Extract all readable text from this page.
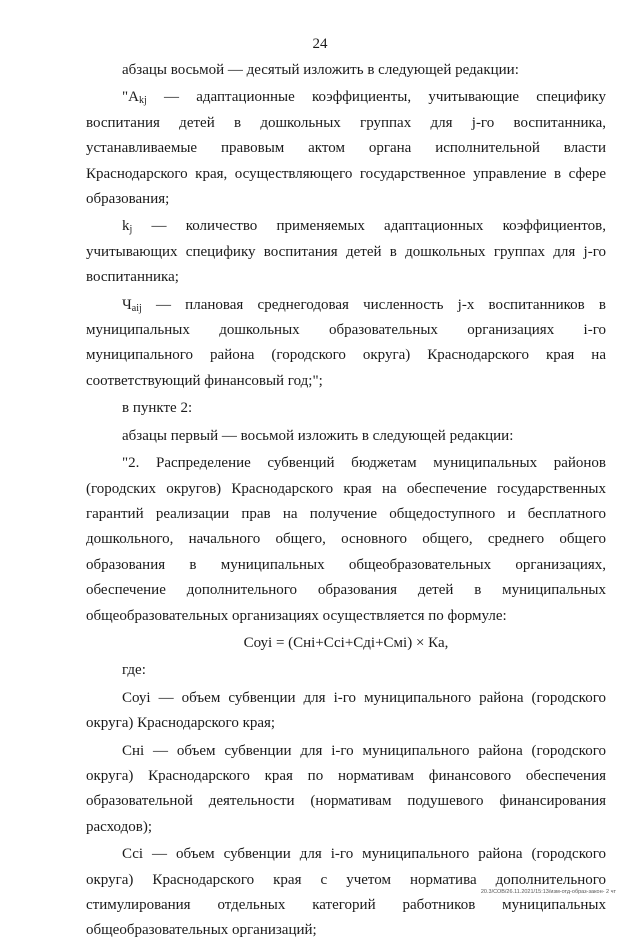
24

абзацы восьмой — десятый изложить в следующей редакции:

"$А_{kj}$ — адаптационные коэффициенты, учитывающие специфику воспитания детей в дошкольных группах для j-го воспитанника, устанавливаемые правовым актом органа исполнительной власти Краснодарского края, осуществляющего государственное управление в сфере образования;

$k_j$ — количество применяемых адаптационных коэффициентов, учитывающих специфику воспитания детей в дошкольных группах для j-го воспитанника;

$Ч_{aij}$ — плановая среднегодовая численность j-х воспитанников в муниципальных дошкольных образовательных организациях i-го муниципального района (городского округа) Краснодарского края на соответствующий финансовый год;";

в пункте 2:

абзацы первый — восьмой изложить в следующей редакции:

"2. Распределение субвенций бюджетам муниципальных районов (городских округов) Краснодарского края на обеспечение государственных гарантий реализации прав на получение общедоступного и бесплатного дошкольного, начального общего, основного общего, среднего общего образования в муниципальных общеобразовательных организациях, обеспечение дополнительного образования детей в муниципальных общеобразовательных организациях осуществляется по формуле:

Соуi = (Снi+Ссi+Сдi+Смi) × Ка,

где:

Соуi — объем субвенции для i-го муниципального района (городского округа) Краснодарского края;

Снi — объем субвенции для i-го муниципального района (городского округа) Краснодарского края по нормативам финансового обеспечения образовательной деятельности (нормативам подушевого финансирования расходов);

Ссi — объем субвенции для i-го муниципального района (городского округа) Краснодарского края с учетом норматива дополнительного стимулирования отдельных категорий работников муниципальных общеобразовательных организаций;

20.3/СОВ/26.11.2021/15:13/изм-отд-образ-закон- 2 чт
